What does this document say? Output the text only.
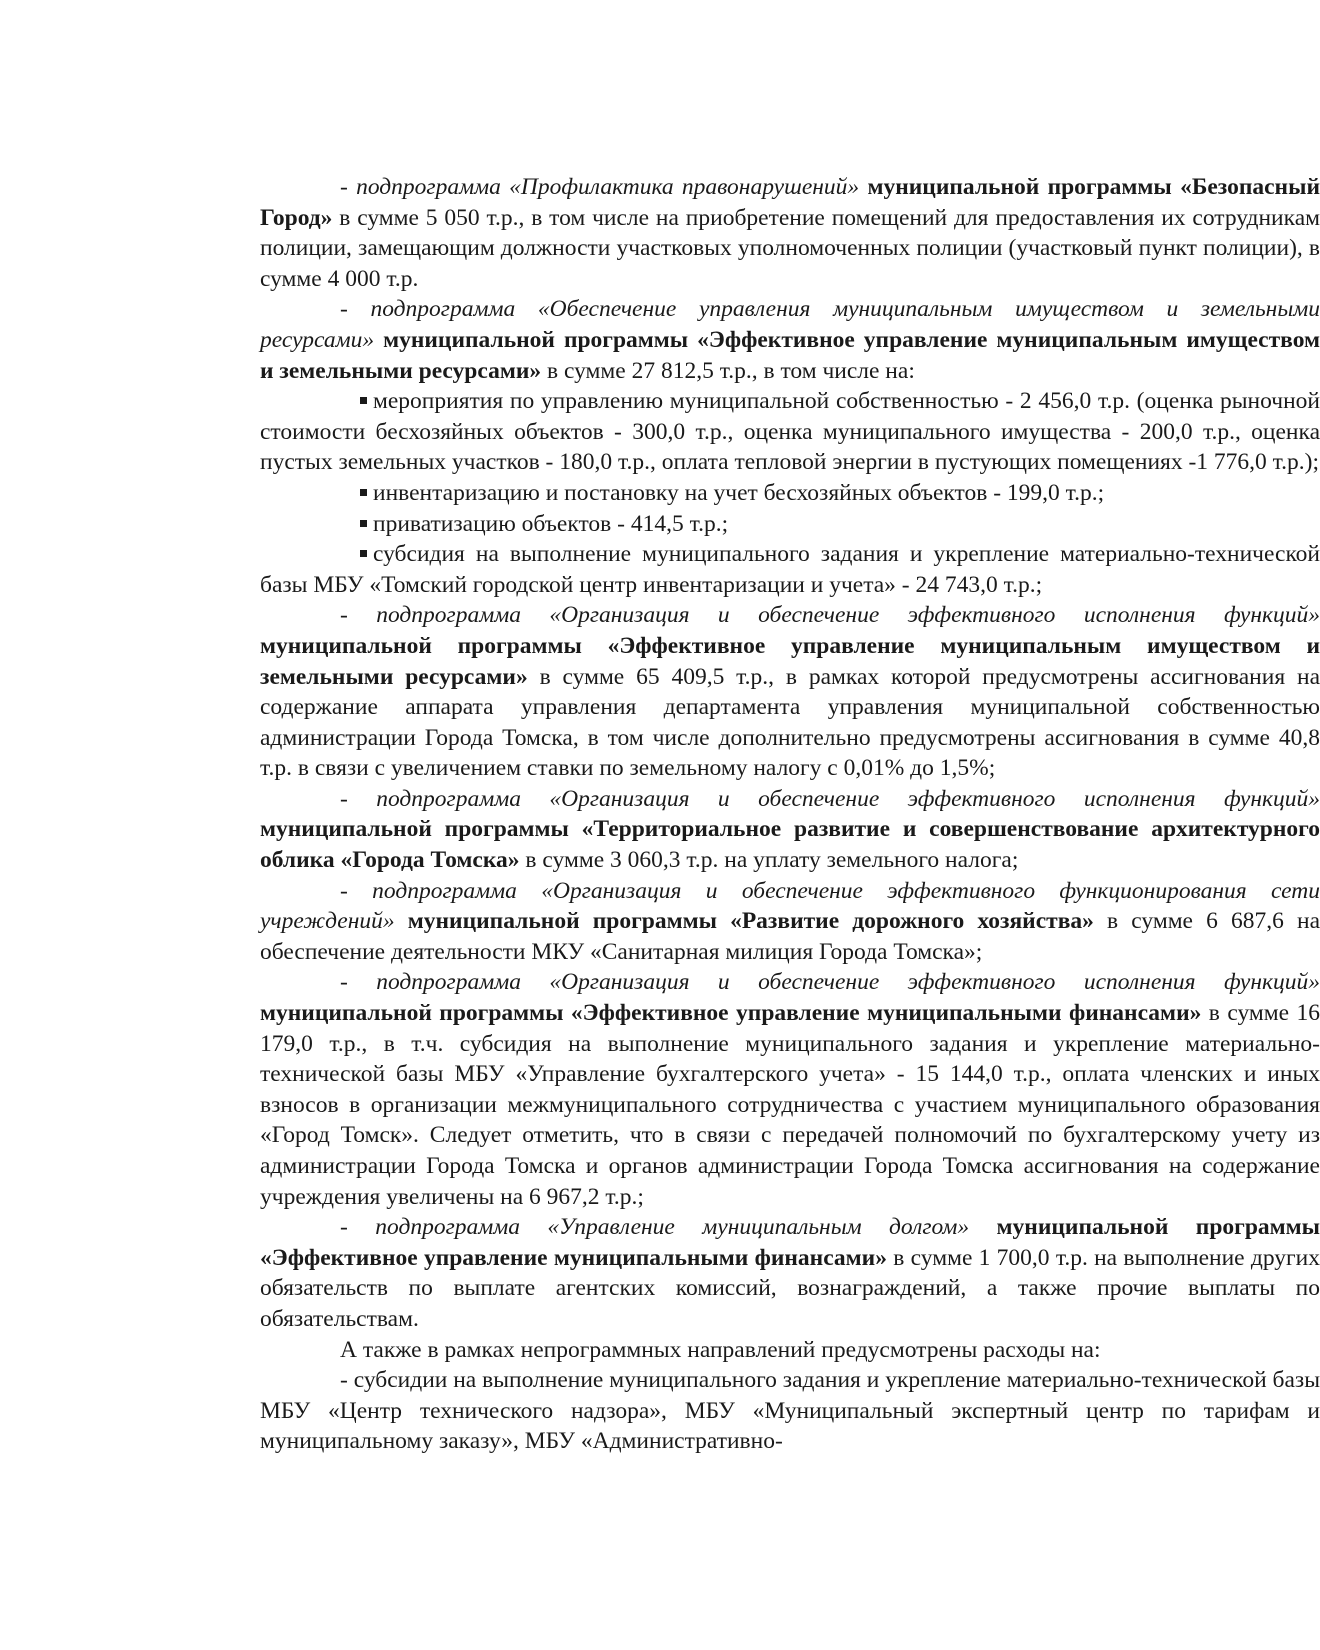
- подпрограмма «Профилактика правонарушений» муниципальной программы «Безопасный Город» в сумме 5 050 т.р., в том числе на приобретение помещений для предоставления их сотрудникам полиции, замещающим должности участковых уполномоченных полиции (участковый пункт полиции), в сумме 4 000 т.р.

- подпрограмма «Обеспечение управления муниципальным имуществом и земельными ресурсами» муниципальной программы «Эффективное управление муниципальным имуществом и земельными ресурсами» в сумме 27 812,5 т.р., в том числе на:

мероприятия по управлению муниципальной собственностью - 2 456,0 т.р. (оценка рыночной стоимости бесхозяйных объектов - 300,0 т.р., оценка муниципального имущества - 200,0 т.р., оценка пустых земельных участков - 180,0 т.р., оплата тепловой энергии в пустующих помещениях -1 776,0 т.р.);

инвентаризацию и постановку на учет бесхозяйных объектов - 199,0 т.р.;

приватизацию объектов - 414,5 т.р.;

субсидия на выполнение муниципального задания и укрепление материально-технической базы МБУ «Томский городской центр инвентаризации и учета» - 24 743,0 т.р.;

- подпрограмма «Организация и обеспечение эффективного исполнения функций» муниципальной программы «Эффективное управление муниципальным имуществом и земельными ресурсами» в сумме 65 409,5 т.р., в рамках которой предусмотрены ассигнования на содержание аппарата управления департамента управления муниципальной собственностью администрации Города Томска, в том числе дополнительно предусмотрены ассигнования в сумме 40,8 т.р. в связи с увеличением ставки по земельному налогу с 0,01% до 1,5%;

- подпрограмма «Организация и обеспечение эффективного исполнения функций» муниципальной программы «Территориальное развитие и совершенствование архитектурного облика «Города Томска» в сумме 3 060,3 т.р. на уплату земельного налога;

- подпрограмма «Организация и обеспечение эффективного функционирования сети учреждений» муниципальной программы «Развитие дорожного хозяйства» в сумме 6 687,6 на обеспечение деятельности МКУ «Санитарная милиция Города Томска»;

- подпрограмма «Организация и обеспечение эффективного исполнения функций» муниципальной программы «Эффективное управление муниципальными финансами» в сумме 16 179,0 т.р., в т.ч. субсидия на выполнение муниципального задания и укрепление материально-технической базы МБУ «Управление бухгалтерского учета» - 15 144,0 т.р., оплата членских и иных взносов в организации межмуниципального сотрудничества с участием муниципального образования «Город Томск». Следует отметить, что в связи с передачей полномочий по бухгалтерскому учету из администрации Города Томска и органов администрации Города Томска ассигнования на содержание учреждения увеличены на 6 967,2 т.р.;

- подпрограмма «Управление муниципальным долгом» муниципальной программы «Эффективное управление муниципальными финансами» в сумме 1 700,0 т.р. на выполнение других обязательств по выплате агентских комиссий, вознаграждений, а также прочие выплаты по обязательствам.

А также в рамках непрограммных направлений предусмотрены расходы на:

- субсидии на выполнение муниципального задания и укрепление материально-технической базы МБУ «Центр технического надзора», МБУ «Муниципальный экспертный центр по тарифам и муниципальному заказу», МБУ «Административно-
